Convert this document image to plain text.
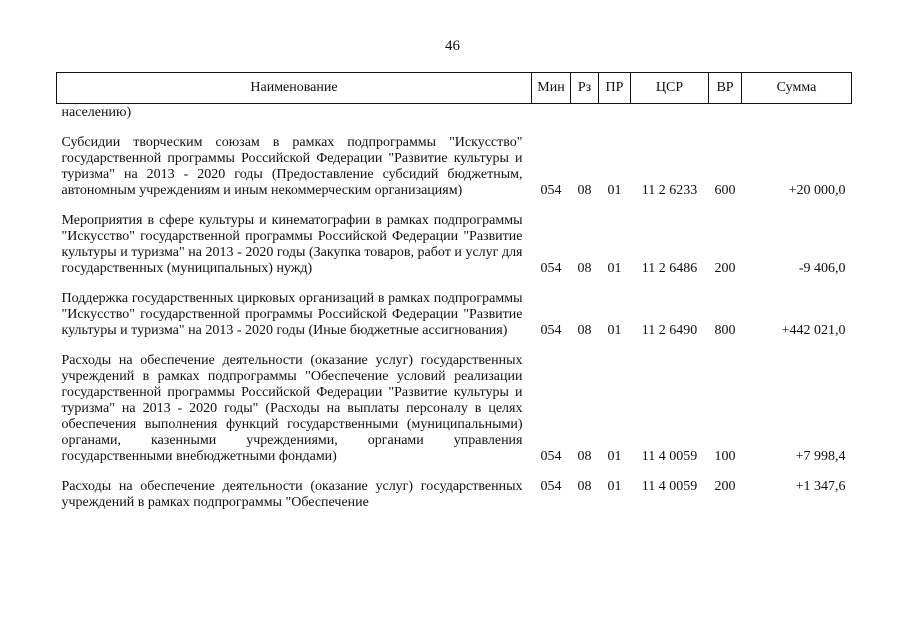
46
Наименование	Мин	Рз	ПР	ЦСР	ВР	Сумма
населению)						
Субсидии творческим союзам в рамках подпрограммы "Искусство" государственной программы Российской Федерации "Развитие культуры и туризма" на 2013 - 2020 годы (Предоставление субсидий бюджетным, автономным учреждениям и иным некоммерческим организациям)	054	08	01	11 2 6233	600	+20 000,0
Мероприятия в сфере культуры и кинематографии в рамках подпрограммы "Искусство" государственной программы Российской Федерации "Развитие культуры и туризма" на 2013 - 2020 годы (Закупка товаров, работ и услуг для государственных (муниципальных) нужд)	054	08	01	11 2 6486	200	-9 406,0
Поддержка государственных цирковых организаций в рамках подпрограммы "Искусство" государственной программы Российской Федерации "Развитие культуры и туризма" на 2013 - 2020 годы (Иные бюджетные ассигнования)	054	08	01	11 2 6490	800	+442 021,0
Расходы на обеспечение деятельности (оказание услуг) государственных учреждений в рамках подпрограммы "Обеспечение условий реализации государственной программы Российской Федерации "Развитие культуры и туризма" на 2013 - 2020 годы" (Расходы на выплаты персоналу в целях обеспечения выполнения функций государственными (муниципальными) органами, казенными учреждениями, органами управления государственными внебюджетными фондами)	054	08	01	11 4 0059	100	+7 998,4
Расходы на обеспечение деятельности (оказание услуг) государственных учреждений в рамках подпрограммы "Обеспечение	054	08	01	11 4 0059	200	+1 347,6
